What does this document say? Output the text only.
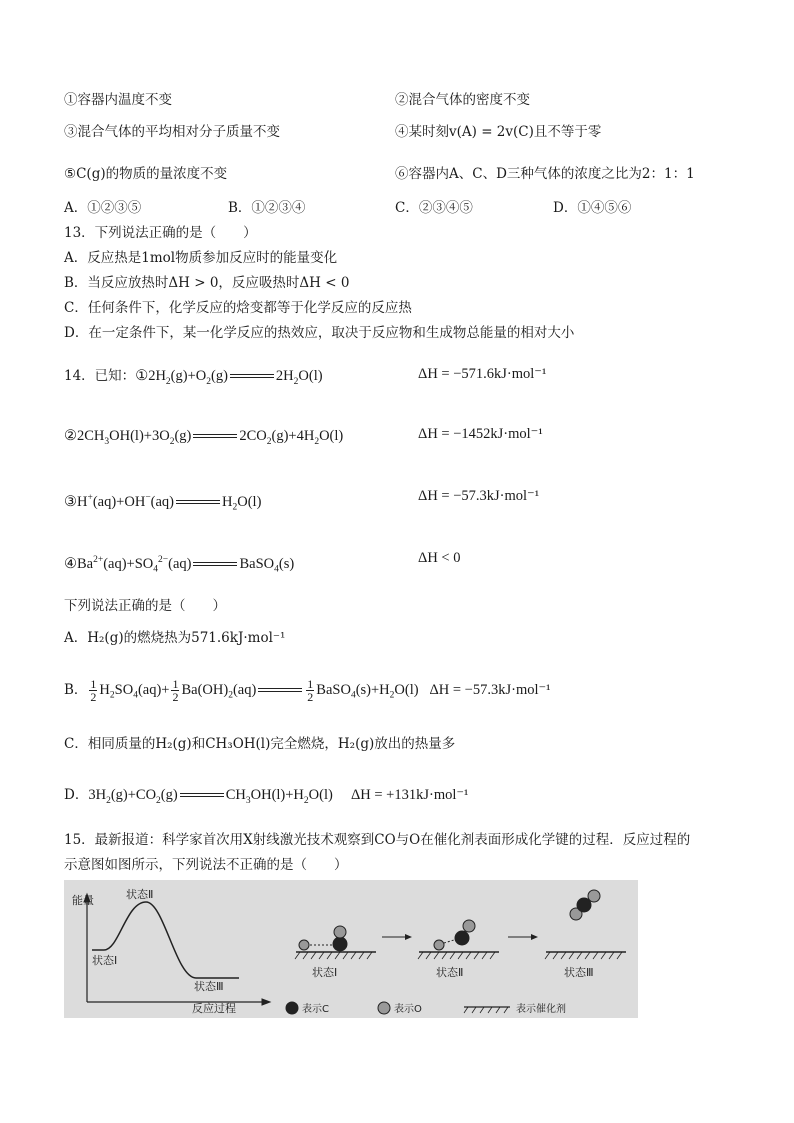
①容器内温度不变	②混合气体的密度不变
③混合气体的平均相对分子质量不变	④某时刻v(A) = 2v(C)且不等于零
⑤C(g)的物质的量浓度不变	⑥容器内A、C、D三种气体的浓度之比为2：1：1
A．①②③⑤	B．①②③④	C．②③④⑤	D．①④⑤⑥
13．下列说法正确的是（　　）
A．反应热是1mol物质参加反应时的能量变化
B．当反应放热时ΔH > 0，反应吸热时ΔH < 0
C．任何条件下，化学反应的焓变都等于化学反应的反应热
D．在一定条件下，某一化学反应的热效应，取决于反应物和生成物总能量的相对大小
14．已知：$①2H_2(g)+O_2(g)$	$2H_2O(l)$	ΔH = −571.6kJ·mol⁻¹
$②2CH_3OH(l)+3O_2(g)$	$2CO_2(g)+4H_2O(l)$	ΔH = −1452kJ·mol⁻¹
③H+(aq)+OH−(aq)	$H_2O(l)$	ΔH = −57.3kJ·mol⁻¹
$④Ba^{2+}(aq)+SO_4^{2-}(aq)$	BaSO$_4$(s)	ΔH < 0
下列说法正确的是（　　）
A．H₂(g)的燃烧热为571.6kJ·mol⁻¹
B． $\frac{1}{2} H_2SO_4(aq)+ \frac{1}{2} Ba(OH)_2(aq)$	$\frac{1}{2}$ $BaSO_4(s)+H_2O(l) \Delta H = -57.3kJ\cdot mol^{-1}$
C．相同质量的H₂(g)和CH₃OH(l)完全燃烧，H₂(g)放出的热量多
D．$3H_2(g)+CO_2(g)$	$CH_3OH(l)+H_2O(l)$     ΔH = +131kJ·mol⁻¹
15．最新报道：科学家首次用X射线激光技术观察到CO与O在催化剂表面形成化学键的过程．反应过程的
示意图如图所示，下列说法不正确的是（　　）
能量	状态Ⅱ
状态Ⅰ
状态Ⅲ
反应过程
状态Ⅰ	状态Ⅱ	状态Ⅲ
表示C	表示O	表示催化剂
